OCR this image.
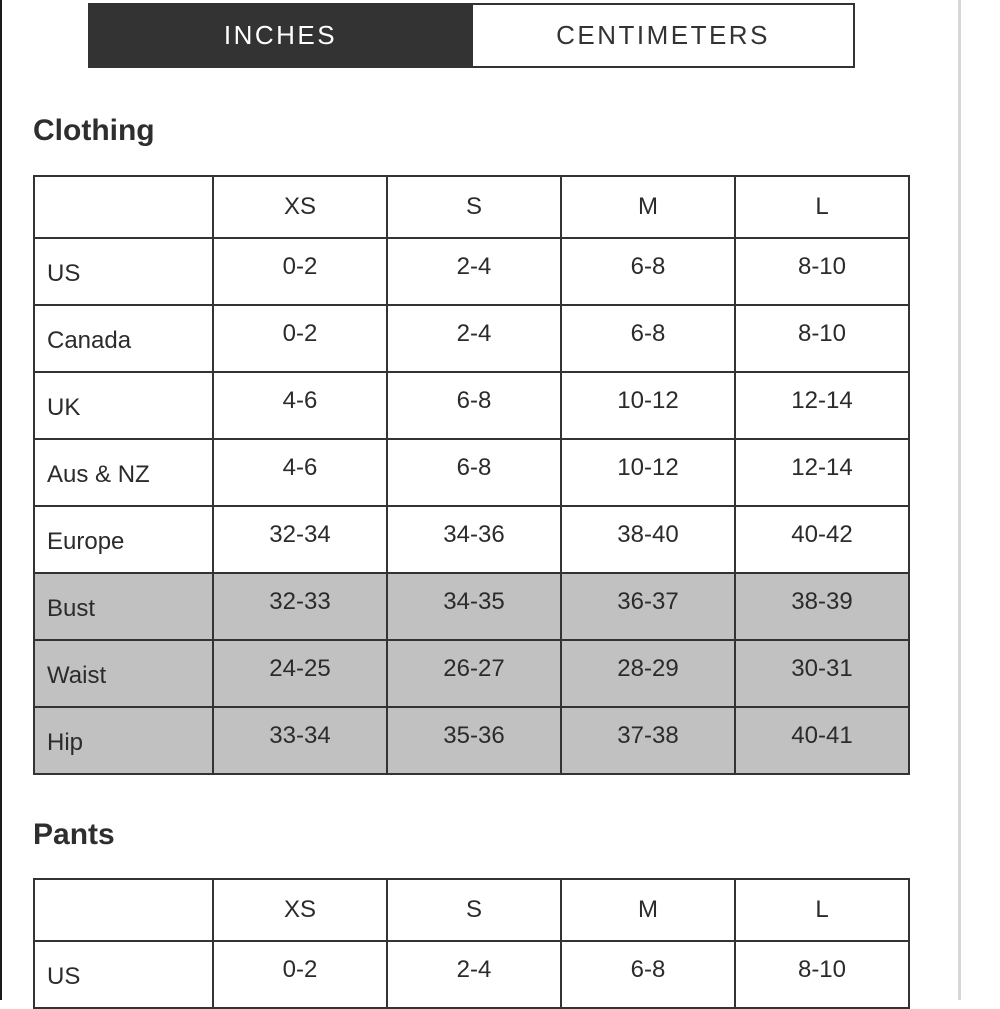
INCHES	CENTIMETERS
Clothing
	XS	S	M	L
US	0-2	2-4	6-8	8-10
Canada	0-2	2-4	6-8	8-10
UK	4-6	6-8	10-12	12-14
Aus & NZ	4-6	6-8	10-12	12-14
Europe	32-34	34-36	38-40	40-42
Bust	32-33	34-35	36-37	38-39
Waist	24-25	26-27	28-29	30-31
Hip	33-34	35-36	37-38	40-41
Pants
	XS	S	M	L
US	0-2	2-4	6-8	8-10
